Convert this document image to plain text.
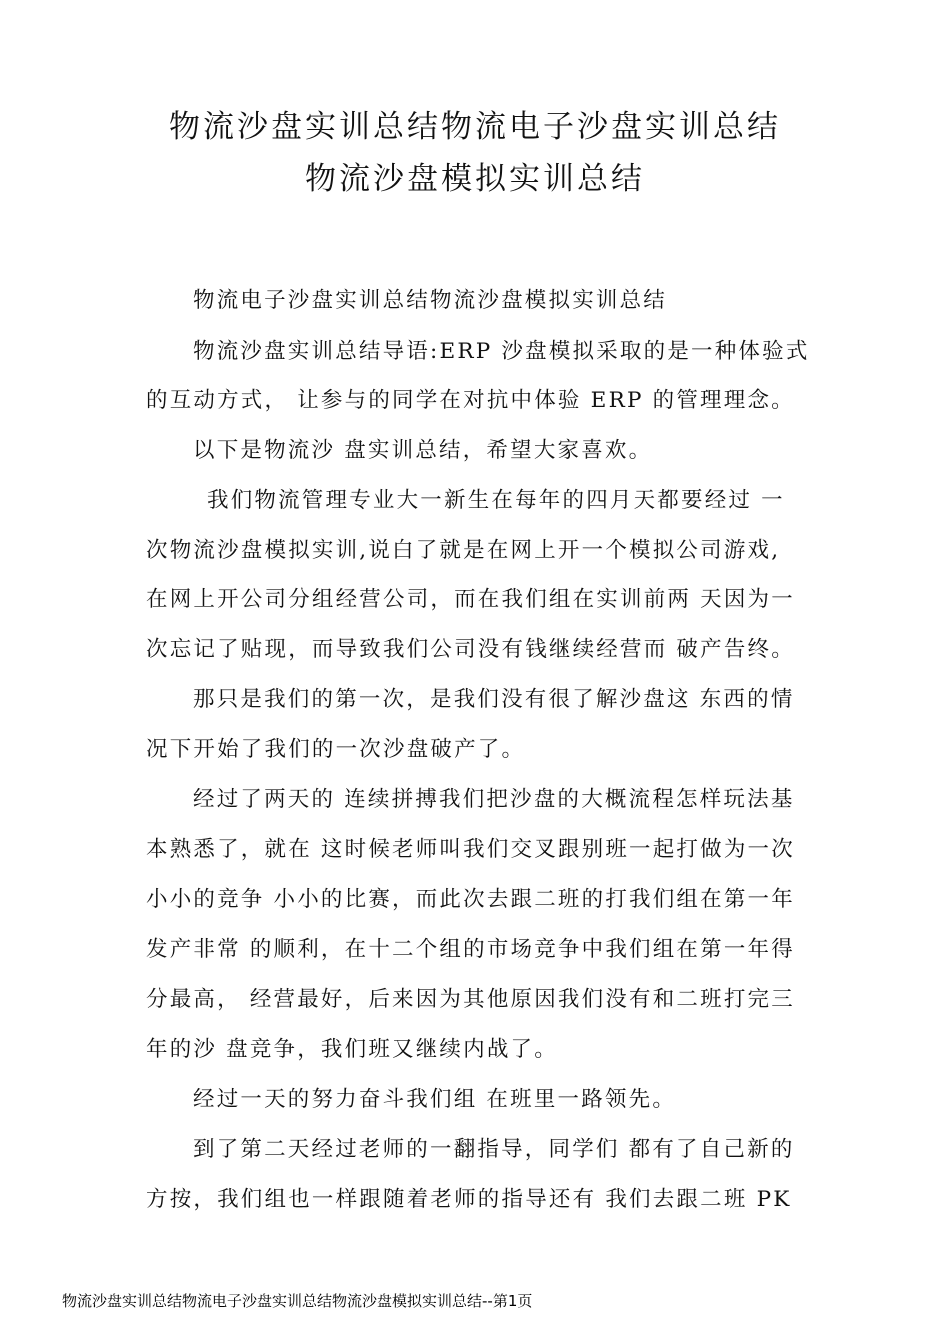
物流沙盘实训总结物流电子沙盘实训总结
物流沙盘模拟实训总结
物流电子沙盘实训总结物流沙盘模拟实训总结
物流沙盘实训总结导语:ERP 沙盘模拟采取的是一种体验式
的互动方式， 让参与的同学在对抗中体验 ERP 的管理理念。
以下是物流沙 盘实训总结，希望大家喜欢。
我们物流管理专业大一新生在每年的四月天都要经过 一
次物流沙盘模拟实训,说白了就是在网上开一个模拟公司游戏,
在网上开公司分组经营公司，而在我们组在实训前两 天因为一
次忘记了贴现，而导致我们公司没有钱继续经营而 破产告终。
那只是我们的第一次，是我们没有很了解沙盘这 东西的情
况下开始了我们的一次沙盘破产了。
经过了两天的 连续拼搏我们把沙盘的大概流程怎样玩法基
本熟悉了，就在 这时候老师叫我们交叉跟别班一起打做为一次
小小的竞争 小小的比赛，而此次去跟二班的打我们组在第一年
发产非常 的顺利，在十二个组的市场竞争中我们组在第一年得
分最高， 经营最好，后来因为其他原因我们没有和二班打完三
年的沙 盘竞争，我们班又继续内战了。
经过一天的努力奋斗我们组 在班里一路领先。
到了第二天经过老师的一翻指导，同学们 都有了自己新的
方按，我们组也一样跟随着老师的指导还有 我们去跟二班 PK
物流沙盘实训总结物流电子沙盘实训总结物流沙盘模拟实训总结--第1页
